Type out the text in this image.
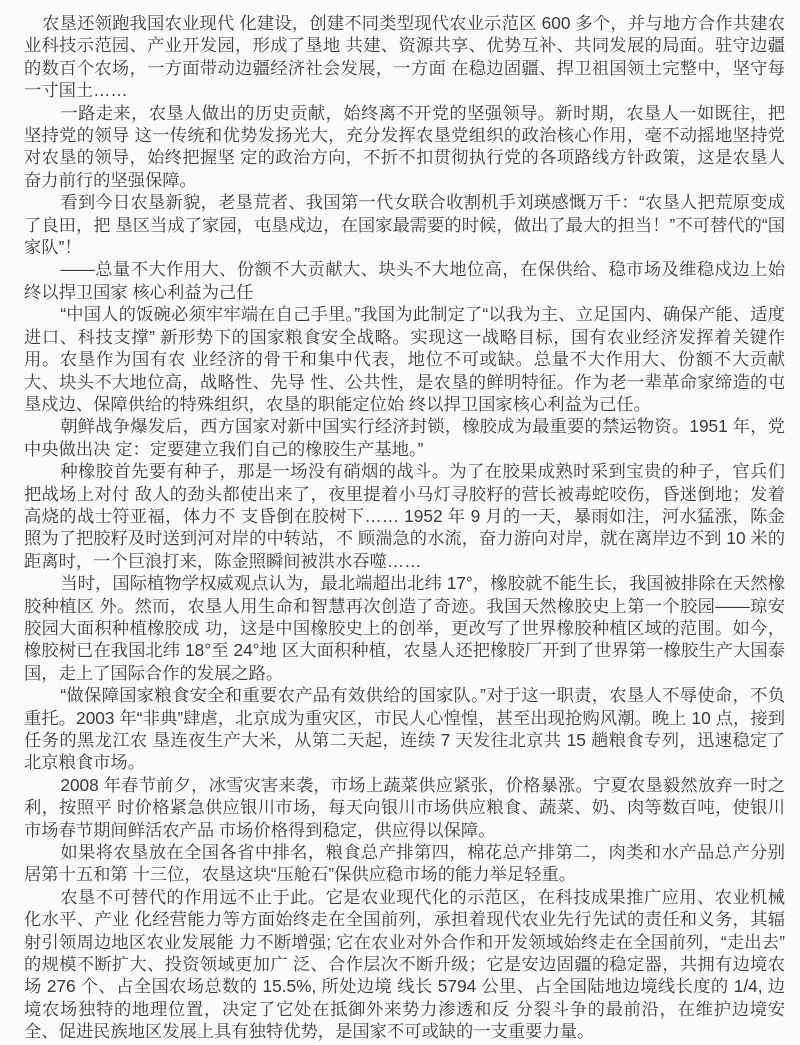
农垦还领跑我国农业现代 化建设，创建不同类型现代农业示范区 600 多个，并与地方合作共建农业科技示范园、产业开发园，形成了垦地 共建、资源共享、优势互补、共同发展的局面。驻守边疆的数百个农场，一方面带动边疆经济社会发展，一方面 在稳边固疆、捍卫祖国领土完整中，坚守每一寸国土……

一路走来，农垦人做出的历史贡献，始终离不开党的坚强领导。新时期，农垦人一如既往，把坚持党的领导 这一传统和优势发扬光大，充分发挥农垦党组织的政治核心作用，毫不动摇地坚持党对农垦的领导，始终把握坚 定的政治方向，不折不扣贯彻执行党的各项路线方针政策，这是农垦人奋力前行的坚强保障。

看到今日农垦新貌，老垦荒者、我国第一代女联合收割机手刘瑛感慨万千：“农垦人把荒原变成了良田，把 垦区当成了家园，屯垦戍边，在国家最需要的时候，做出了最大的担当！”不可替代的“国家队”！

——总量不大作用大、份额不大贡献大、块头不大地位高，在保供给、稳市场及维稳戍边上始终以捍卫国家 核心利益为己任

“中国人的饭碗必须牢牢端在自己手里。”我国为此制定了“以我为主、立足国内、确保产能、适度进口、科技支撑” 新形势下的国家粮食安全战略。实现这一战略目标，国有农业经济发挥着关键作用。农垦作为国有农 业经济的骨干和集中代表，地位不可或缺。总量不大作用大、份额不大贡献大、块头不大地位高，战略性、先导 性、公共性，是农垦的鲜明特征。作为老一辈革命家缔造的屯垦戍边、保障供给的特殊组织，农垦的职能定位始 终以捍卫国家核心利益为己任。

朝鲜战争爆发后，西方国家对新中国实行经济封锁，橡胶成为最重要的禁运物资。1951 年，党中央做出决 定：定要建立我们自己的橡胶生产基地。”

种橡胶首先要有种子，那是一场没有硝烟的战斗。为了在胶果成熟时采到宝贵的种子，官兵们把战场上对付 敌人的劲头都使出来了，夜里提着小马灯寻胶籽的营长被毒蛇咬伤，昏迷倒地；发着高烧的战士符亚福，体力不 支昏倒在胶树下…… 1952 年 9 月的一天，暴雨如注，河水猛涨，陈金照为了把胶籽及时送到河对岸的中转站，不 顾湍急的水流，奋力游向对岸，就在离岸边不到 10 米的距离时，一个巨浪打来，陈金照瞬间被洪水吞噬……

当时，国际植物学权威观点认为，最北端超出北纬 17°，橡胶就不能生长，我国被排除在天然橡胶种植区 外。然而，农垦人用生命和智慧再次创造了奇迹。我国天然橡胶史上第一个胶园——琼安胶园大面积种植橡胶成 功，这是中国橡胶史上的创举，更改写了世界橡胶种植区域的范围。如今，橡胶树已在我国北纬 18°至 24°地 区大面积种植，农垦人还把橡胶厂开到了世界第一橡胶生产大国泰国，走上了国际合作的发展之路。

“做保障国家粮食安全和重要农产品有效供给的国家队。”对于这一职责，农垦人不辱使命，不负重托。2003 年“非典”肆虐，北京成为重灾区，市民人心惶惶，甚至出现抢购风潮。晚上 10 点，接到任务的黑龙江农 垦连夜生产大米，从第二天起，连续 7 天发往北京共 15 趟粮食专列，迅速稳定了北京粮食市场。

2008 年春节前夕，冰雪灾害来袭，市场上蔬菜供应紧张，价格暴涨。宁夏农垦毅然放弃一时之利，按照平 时价格紧急供应银川市场，每天向银川市场供应粮食、蔬菜、奶、肉等数百吨，使银川市场春节期间鲜活农产品 市场价格得到稳定，供应得以保障。

如果将农垦放在全国各省中排名，粮食总产排第四，棉花总产排第二，肉类和水产品总产分别居第十五和第 十三位，农垦这块“压舱石”保供应稳市场的能力举足轻重。

农垦不可替代的作用远不止于此。它是农业现代化的示范区，在科技成果推广应用、农业机械化水平、产业 化经营能力等方面始终走在全国前列，承担着现代农业先行先试的责任和义务，其辐射引领周边地区农业发展能 力不断增强; 它在农业对外合作和开发领域始终走在全国前列，“走出去”的规模不断扩大、投资领域更加广 泛、合作层次不断升级；它是安边固疆的稳定器，共拥有边境农场 276 个、占全国农场总数的 15.5%, 所处边境 线长 5794 公里、占全国陆地边境线长度的 1/4, 边境农场独特的地理位置，决定了它处在抵御外来势力渗透和反 分裂斗争的最前沿，在维护边境安全、促进民族地区发展上具有独特优势，是国家不可或缺的一支重要力量。
